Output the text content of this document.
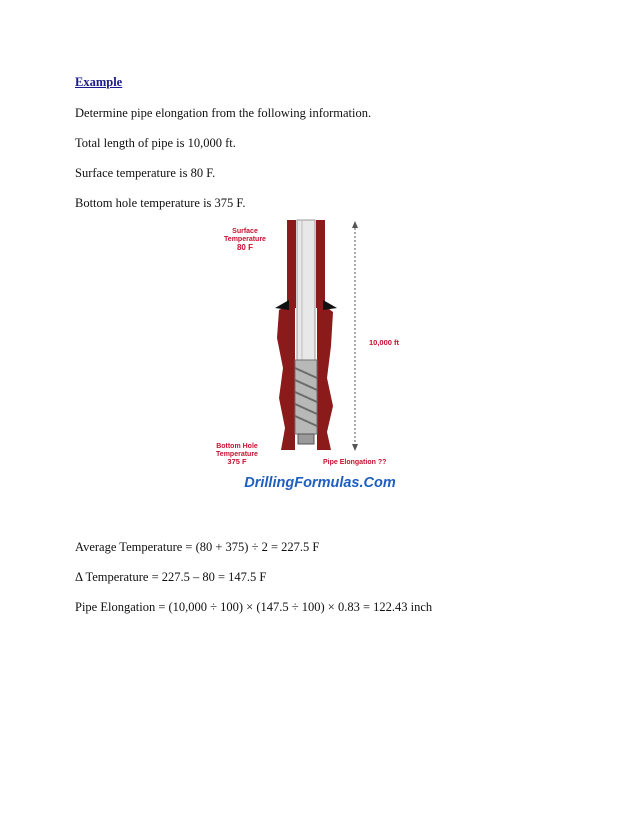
Example
Determine pipe elongation from the following information.
Total length of pipe is 10,000 ft.
Surface temperature is 80 F.
Bottom hole temperature is 375 F.
Surface
Temperature
80 F
10,000 ft
Bottom Hole
Temperature
375 F	Pipe Elongation ??
DrillingFormulas.Com
Average Temperature = (80 + 375) ÷ 2 = 227.5 F
Δ Temperature = 227.5 – 80 = 147.5 F
Pipe Elongation = (10,000 ÷ 100) × (147.5 ÷ 100) × 0.83 = 122.43 inch
